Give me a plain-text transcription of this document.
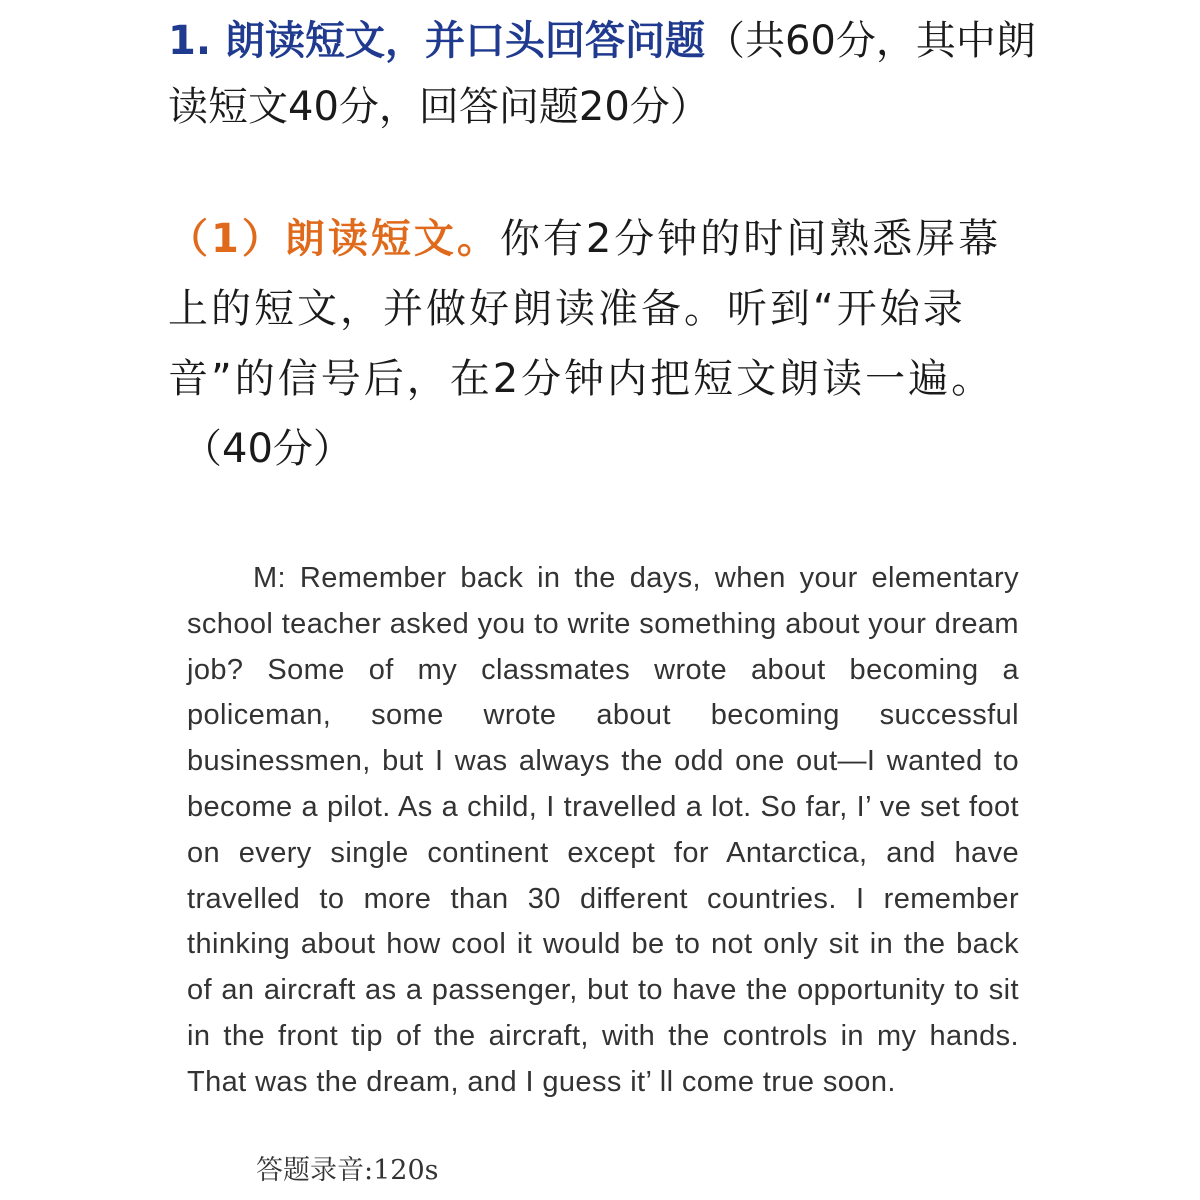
1. 朗读短文，并口头回答问题（共60分，其中朗读短文40分，回答问题20分）

（1）朗读短文。你有2分钟的时间熟悉屏幕上的短文，并做好朗读准备。听到“开始录音”的信号后，在2分钟内把短文朗读一遍。
（40分）

M: Remember back in the days, when your elementary school teacher asked you to write something about your dream job? Some of my classmates wrote about becoming a policeman, some wrote about becoming successful businessmen, but I was always the odd one out—I wanted to become a pilot. As a child, I travelled a lot. So far, I’ ve set foot on every single continent except for Antarctica, and have travelled to more than 30 different countries. I remember thinking about how cool it would be to not only sit in the back of an aircraft as a passenger, but to have the opportunity to sit in the front tip of the aircraft, with the controls in my hands. That was the dream, and I guess it’ ll come true soon.

答题录音:120s
